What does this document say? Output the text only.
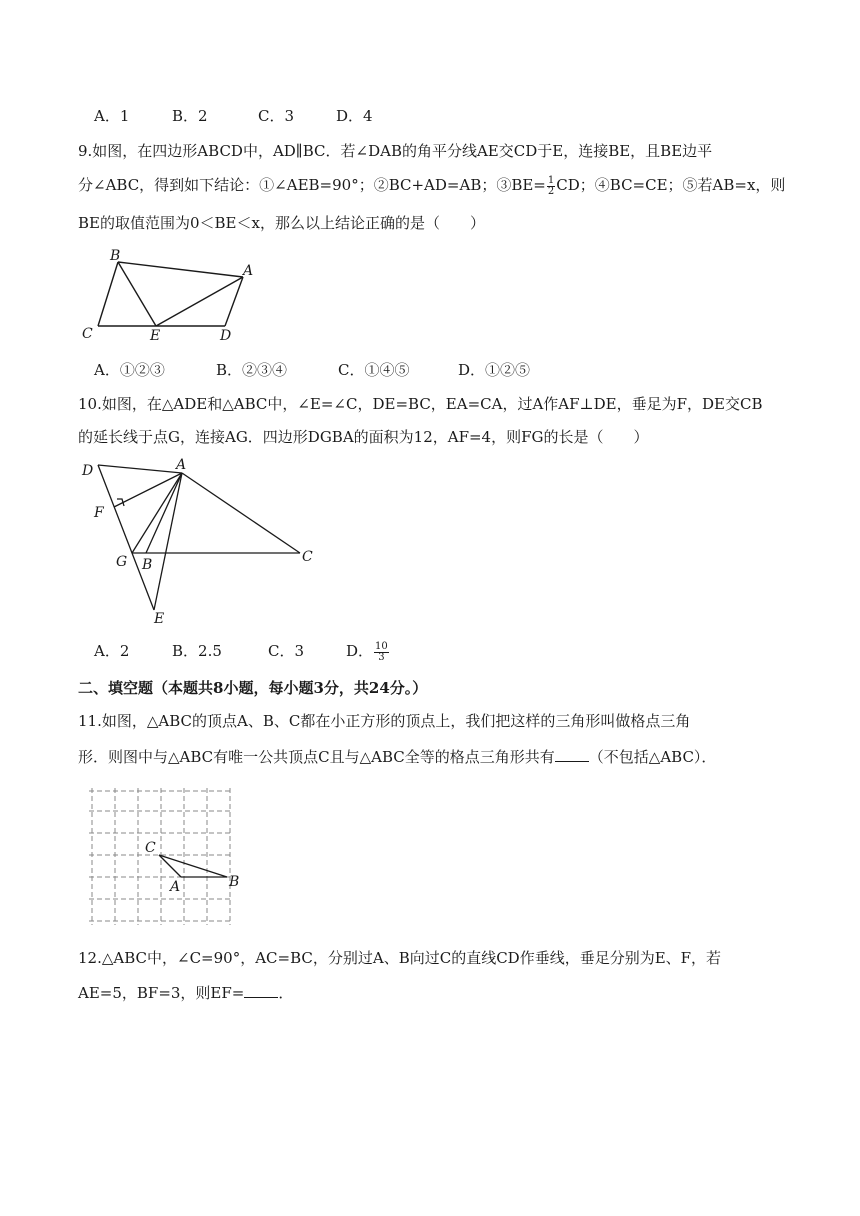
A．1	B．2	C．3	D．4
9.如图，在四边形ABCD中，AD∥BC．若∠DAB的角平分线AE交CD于E，连接BE，且BE边平
分∠ABC，得到如下结论：①∠AEB=90°；②BC+AD=AB；③BE= $\frac{1}{2}$ CD；④BC=CE；⑤若AB=x，则
BE的取值范围为0＜BE＜x，那么以上结论正确的是（　　）
B
A
C	E	D
A．①②③	B．②③④	C．①④⑤	D．①②⑤
10.如图，在△ADE和△ABC中，∠E=∠C，DE=BC，EA=CA，过A作AF⊥DE，垂足为F，DE交CB
的延长线于点G，连接AG．四边形DGBA的面积为12，AF=4，则FG的长是（　　）
D	A
F
G B	C
E
A．2	B．2.5	C．3	D． $\frac{10}{3}$
二、填空题（本题共8小题，每小题3分，共24分。）
11.如图，△ABC的顶点A、B、C都在小正方形的顶点上，我们把这样的三角形叫做格点三角
形．则图中与△ABC有唯一公共顶点C且与△ABC全等的格点三角形共有 （不包括△ABC）．
C
A	B
12.△ABC中，∠C=90°，AC=BC，分别过A、B向过C的直线CD作垂线，垂足分别为E、F，若
AE=5，BF=3，则EF= ．
